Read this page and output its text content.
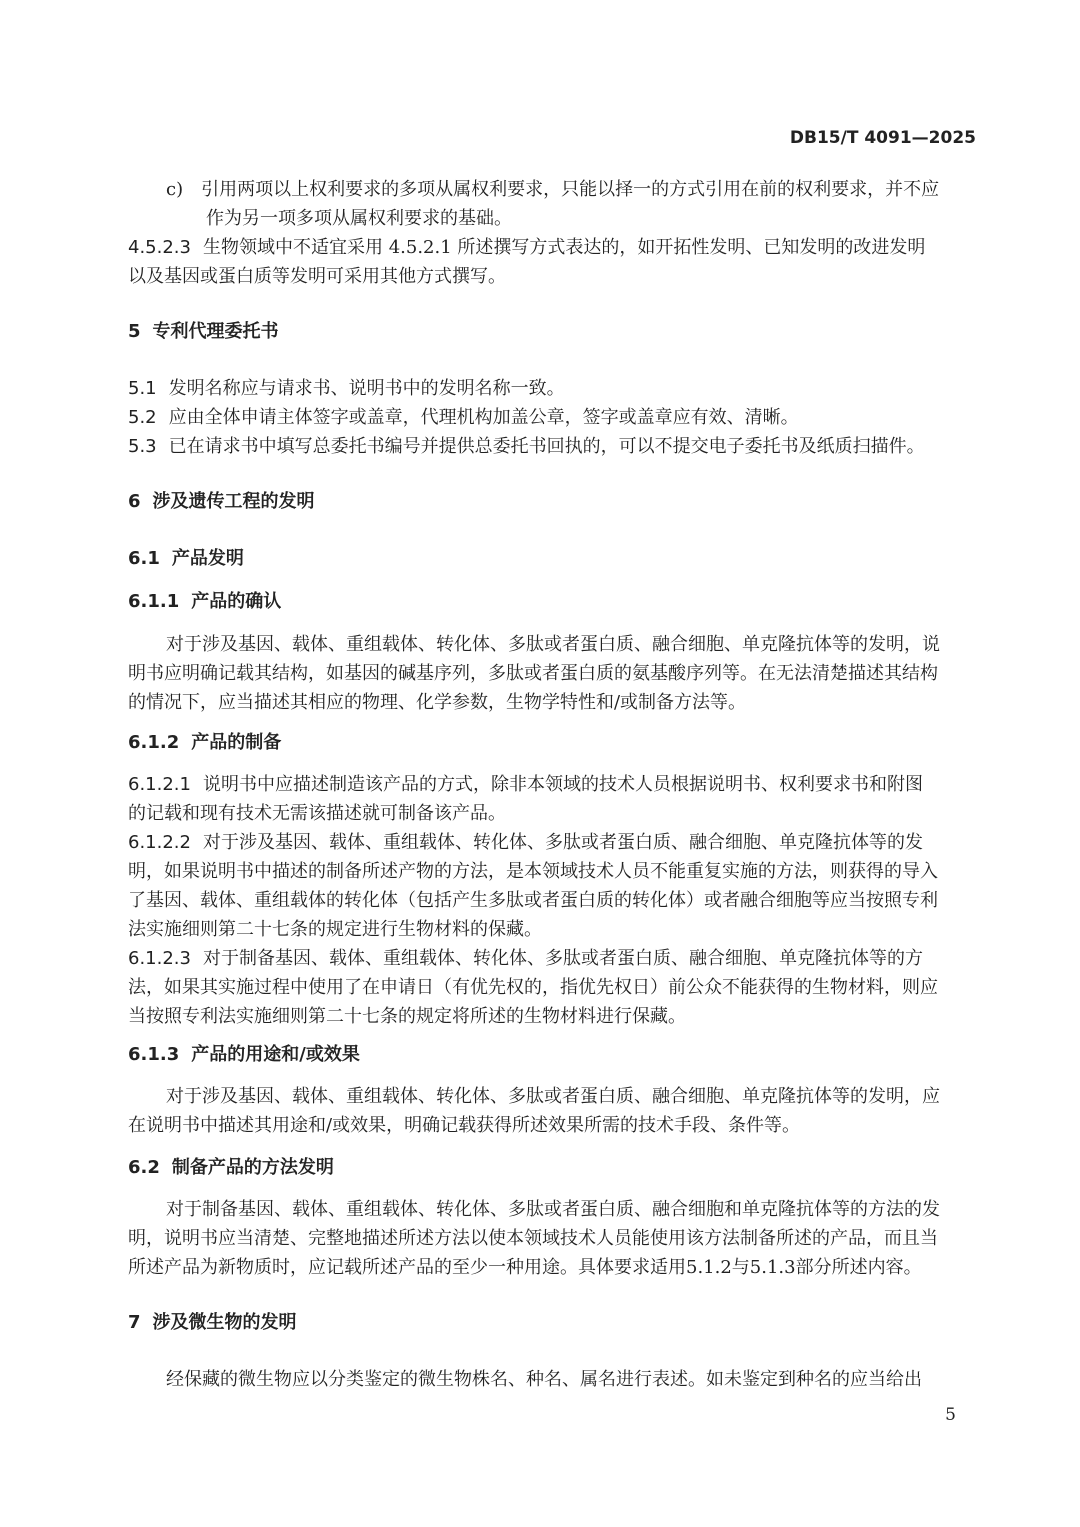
DB15/T 4091—2025
c) 引用两项以上权利要求的多项从属权利要求，只能以择一的方式引用在前的权利要求，并不应
作为另一项多项从属权利要求的基础。
4.5.2.3 生物领域中不适宜采用 4.5.2.1 所述撰写方式表达的，如开拓性发明、已知发明的改进发明
以及基因或蛋白质等发明可采用其他方式撰写。
5 专利代理委托书
5.1 发明名称应与请求书、说明书中的发明名称一致。
5.2 应由全体申请主体签字或盖章，代理机构加盖公章，签字或盖章应有效、清晰。
5.3 已在请求书中填写总委托书编号并提供总委托书回执的，可以不提交电子委托书及纸质扫描件。
6 涉及遗传工程的发明
6.1 产品发明
6.1.1 产品的确认
对于涉及基因、载体、重组载体、转化体、多肽或者蛋白质、融合细胞、单克隆抗体等的发明，说
明书应明确记载其结构，如基因的碱基序列，多肽或者蛋白质的氨基酸序列等。在无法清楚描述其结构
的情况下，应当描述其相应的物理、化学参数，生物学特性和/或制备方法等。
6.1.2 产品的制备
6.1.2.1 说明书中应描述制造该产品的方式，除非本领域的技术人员根据说明书、权利要求书和附图
的记载和现有技术无需该描述就可制备该产品。
6.1.2.2 对于涉及基因、载体、重组载体、转化体、多肽或者蛋白质、融合细胞、单克隆抗体等的发
明，如果说明书中描述的制备所述产物的方法，是本领域技术人员不能重复实施的方法，则获得的导入
了基因、载体、重组载体的转化体（包括产生多肽或者蛋白质的转化体）或者融合细胞等应当按照专利
法实施细则第二十七条的规定进行生物材料的保藏。
6.1.2.3 对于制备基因、载体、重组载体、转化体、多肽或者蛋白质、融合细胞、单克隆抗体等的方
法，如果其实施过程中使用了在申请日（有优先权的，指优先权日）前公众不能获得的生物材料，则应
当按照专利法实施细则第二十七条的规定将所述的生物材料进行保藏。
6.1.3 产品的用途和/或效果
对于涉及基因、载体、重组载体、转化体、多肽或者蛋白质、融合细胞、单克隆抗体等的发明，应
在说明书中描述其用途和/或效果，明确记载获得所述效果所需的技术手段、条件等。
6.2 制备产品的方法发明
对于制备基因、载体、重组载体、转化体、多肽或者蛋白质、融合细胞和单克隆抗体等的方法的发
明，说明书应当清楚、完整地描述所述方法以使本领域技术人员能使用该方法制备所述的产品，而且当
所述产品为新物质时，应记载所述产品的至少一种用途。具体要求适用5.1.2与5.1.3部分所述内容。
7 涉及微生物的发明
经保藏的微生物应以分类鉴定的微生物株名、种名、属名进行表述。如未鉴定到种名的应当给出
5
